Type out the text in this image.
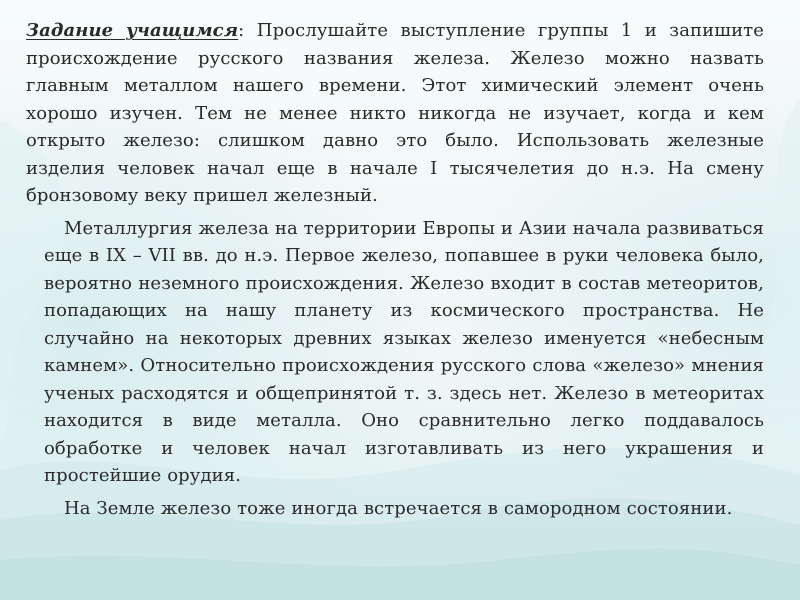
Задание учащимся: Прослушайте выступление группы 1 и запишите происхождение русского названия железа. Железо можно назвать главным металлом нашего времени. Этот химический элемент очень хорошо изучен. Тем не менее никто никогда не изучает, когда и кем открыто железо: слишком давно это было. Использовать железные изделия человек начал еще в начале I тысячелетия до н.э. На смену бронзовому веку пришел железный.

Металлургия железа на территории Европы и Азии начала развиваться еще в IX – VII вв. до н.э. Первое железо, попавшее в руки человека было, вероятно неземного происхождения. Железо входит в состав метеоритов, попадающих на нашу планету из космического пространства. Не случайно на некоторых древних языках железо именуется «небесным камнем». Относительно происхождения русского слова «железо» мнения ученых расходятся и общепринятой т. з. здесь нет. Железо в метеоритах находится в виде металла. Оно сравнительно легко поддавалось обработке и человек начал изготавливать из него украшения и простейшие орудия.

На Земле железо тоже иногда встречается в самородном состоянии.
